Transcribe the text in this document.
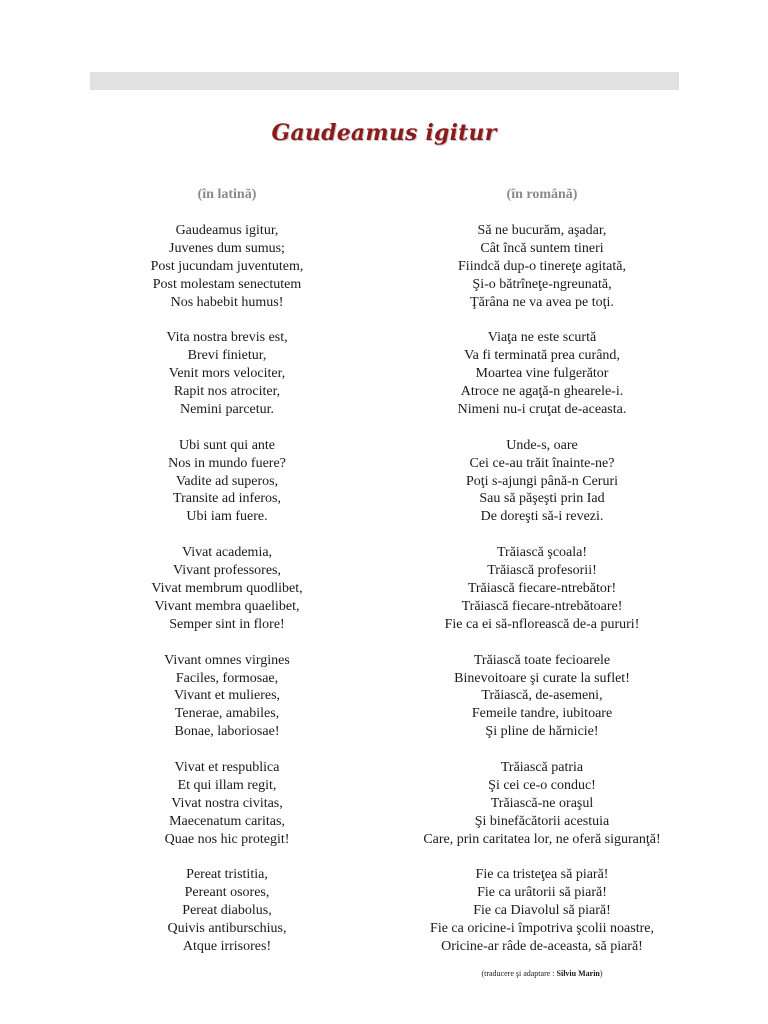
Gaudeamus igitur
(în latină)
Gaudeamus igitur,
Juvenes dum sumus;
Post jucundam juventutem,
Post molestam senectutem
Nos habebit humus!
Vita nostra brevis est,
Brevi finietur,
Venit mors velociter,
Rapit nos atrociter,
Nemini parcetur.
Ubi sunt qui ante
Nos in mundo fuere?
Vadite ad superos,
Transite ad inferos,
Ubi iam fuere.
Vivat academia,
Vivant professores,
Vivat membrum quodlibet,
Vivant membra quaelibet,
Semper sint in flore!
Vivant omnes virgines
Faciles, formosae,
Vivant et mulieres,
Tenerae, amabiles,
Bonae, laboriosae!
Vivat et respublica
Et qui illam regit,
Vivat nostra civitas,
Maecenatum caritas,
Quae nos hic protegit!
Pereat tristitia,
Pereant osores,
Pereat diabolus,
Quivis antiburschius,
Atque irrisores!
(în română)
Să ne bucurăm, aşadar,
Cât încă suntem tineri
Fiindcă dup-o tinereţe agitată,
Şi-o bătrîneţe-ngreunată,
Ţărâna ne va avea pe toţi.
Viaţa ne este scurtă
Va fi terminată prea curând,
Moartea vine fulgerător
Atroce ne agaţă-n ghearele-i.
Nimeni nu-i cruţat de-aceasta.
Unde-s, oare
Cei ce-au trăit înainte-ne?
Poţi s-ajungi până-n Ceruri
Sau să păşeşti prin Iad
De doreşti să-i revezi.
Trăiască şcoala!
Trăiască profesorii!
Trăiască fiecare-ntrebător!
Trăiască fiecare-ntrebătoare!
Fie ca ei să-nflorească de-a pururi!
Trăiască toate fecioarele
Binevoitoare şi curate la suflet!
Trăiască, de-asemeni,
Femeile tandre, iubitoare
Şi pline de hărnicie!
Trăiască patria
Şi cei ce-o conduc!
Trăiască-ne oraşul
Şi binefăcătorii acestuia
Care, prin caritatea lor, ne oferă siguranţă!
Fie ca tristeţea să piară!
Fie ca urâtorii să piară!
Fie ca Diavolul să piară!
Fie ca oricine-i împotriva şcolii noastre,
Oricine-ar râde de-aceasta, să piară!
(traducere şi adaptare : Silviu Marin)
